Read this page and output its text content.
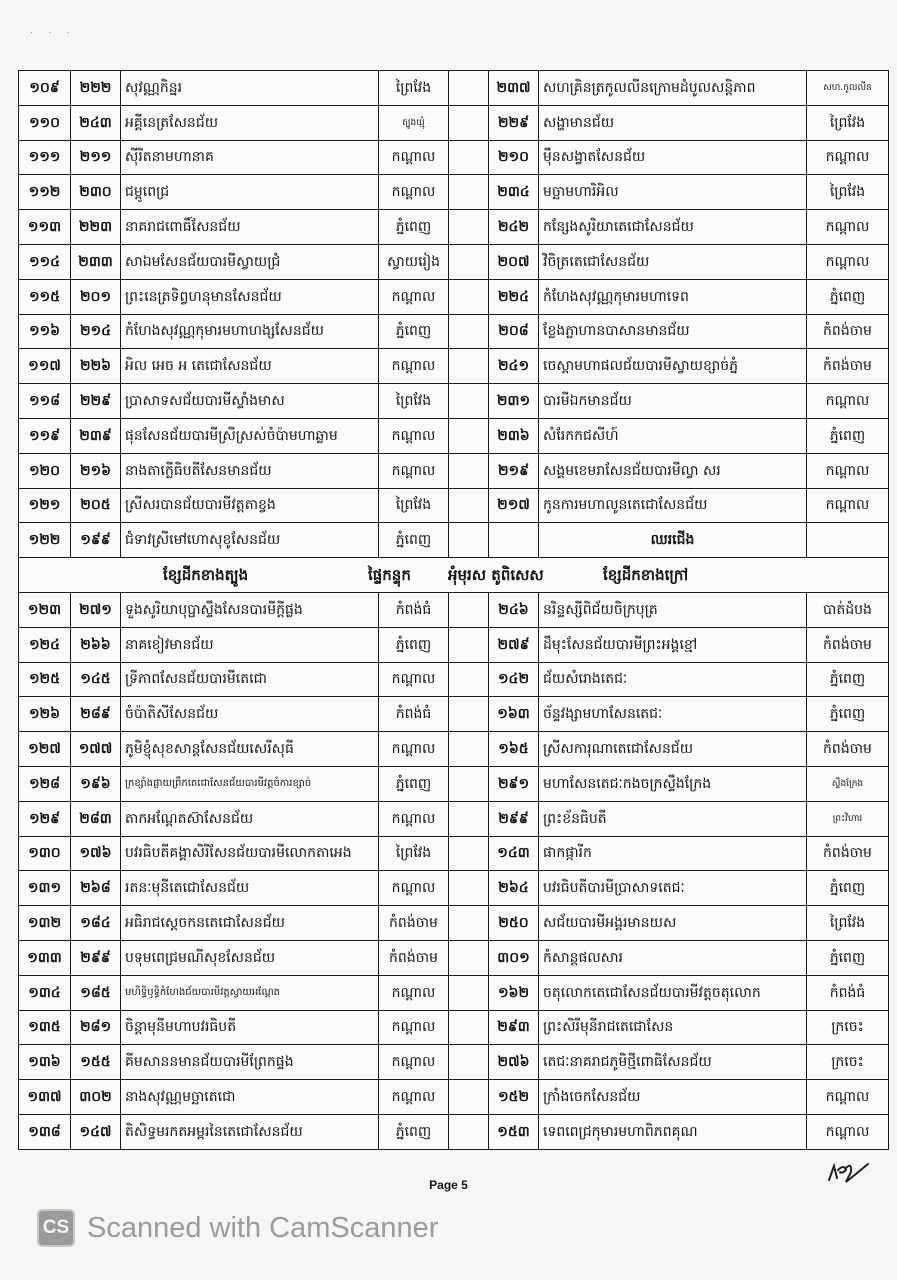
· · ·
១០៩	២២២	សុវណ្ណកិន្នរ	ព្រៃវែង		២៣៧	សហគ្រិនត្រកូលលីនក្រោមដំបូលសន្តិភាព	សហ.កូលលីន
១១០	២៤៣	អគ្គីនេត្រសែនជ័យ	ត្បូងឃ្មុំ		២២៩	សង្ហាមានជ័យ	ព្រៃវែង
១១១	២១១	ស៊ីរីតនាមហានាគ	កណ្តាល		២១០	ម៉ឺនសង្វាតសែនជ័យ	កណ្តាល
១១២	២៣០	ជម្ពូពេជ្រ	កណ្តាល		២៣៤	មច្ឆាមហារិអិល	ព្រៃវែង
១១៣	២២៣	នាគរាជពោធិ៍សែនជ័យ	ភ្នំពេញ		២៤២	កន្សែងសូរិយាតេជោសែនជ័យ	កណ្តាល
១១៤	២៣៣	សាឯមសែនជ័យបារមីស្វាយជ្រំ	ស្វាយរៀង		២០៧	វិចិត្រតេជោសែនជ័យ	កណ្តាល
១១៥	២០១	ព្រះនេត្រទិព្វហនុមានសែនជ័យ	កណ្តាល		២២៤	កំហែងសុវណ្ណកុមារមហាទេព	ភ្នំពេញ
១១៦	២១៤	កំហែងសុវណ្ណកុមារមហាហង្សសែនជ័យ	ភ្នំពេញ		២០៨	ខ្លែងភ្លាហានបាសានមានជ័យ	កំពង់ចាម
១១៧	២២៦	អិល អេច អ តេជោសែនជ័យ	កណ្តាល		២៤១	ចេស្តាមហាផលជ័យបារមីស្វាយខ្សាច់ភ្នំ	កំពង់ចាម
១១៨	២២៩	ប្រាសាទសជ័យបារមីស្ទាំងមាស	ព្រៃវែង		២៣១	បារមីឯកមានជ័យ	កណ្តាល
១១៩	២៣៩	ផុនសែនជ័យបារមីស្រីស្រស់ចំប៉ាមហាឆ្លាម	កណ្តាល		២៣៦	សំរែកកជសីហ៍	ភ្នំពេញ
១២០	២១៦	នាងតាក្លើធិបតីសែនមានជ័យ	កណ្តាល		២១៩	សង្គមខេមរាសែនជ័យបារមីល្វា សរ	កណ្តាល
១២១	២០៥	ស្រីសរបានជ័យបារមីវត្តតាខ្វង	ព្រៃវែង		២១៧	កូនការមហាលូនតេជោសែនជ័យ	កណ្តាល
១២២	១៩៩	ជំទាវស្រីមៅហោសុខូសែនជ័យ	ភ្នំពេញ			ឈរជើង	

ខ្សែដីកខាងត្បូង ផ្ទៃកន្ទុក អុំមុរស តូពិសេស ខ្សែដីកខាងក្រៅ							

១២៣	២៧១	ទួងសូរិយាបុប្ផាស្ទឹងសែនបារមីក្តីផ្លង	កំពង់ធំ		២៤៦	នរិន្ទស្សីពិជ័យចិក្របុត្រ	បាត់ដំបង
១២៤	២៦៦	នាគខៀវមានជ័យ	ភ្នំពេញ		២៧៩	ដឹមុះសែនជ័យបារមីព្រះអង្គខ្មៅ	កំពង់ចាម
១២៥	១៤៥	ទ្រីភាពសែនជ័យបារមីតេជោ	កណ្តាល		១៤២	ជ័យសំរោងតេជៈ	ភ្នំពេញ
១២៦	២៨៩	ចំប៉ាតិសីសែនជ័យ	កំពង់ធំ		១៦៣	ច័ន្ទវង្សាមហាសែនតេជៈ	ភ្នំពេញ
១២៧	១៧៧	ភូមិខ្ញុំសុខសាន្តសែនជ័យសេរីសុធី	កណ្តាល		១៦៥	ស្រីសការុណាតេជោសែនជ័យ	កំពង់ចាម
១២៨	១៩៦	ក្រខ្សាំងផ្លាយព្រឹកតេជោសែនជ័យបារមីវត្តចំការខ្សាច់	ភ្នំពេញ		២៩១	មហាសែនតេជៈកងចក្រស្ទឹងក្រែង	ស្ទឹងក្រែង
១២៩	២៨៣	តាកអណ្តែតស៊ាសែនជ័យ	កណ្តាល		២៩៩	ព្រះខ័នធិបតី	ព្រះវិហារ
១៣០	១៧៦	បវរធិបតីគង្គាសិរីសែនជ័យបារមីលោកតាអេង	ព្រៃវែង		១៤៣	ផាកផ្ការីក	កំពង់ចាម
១៣១	២៦៨	រតនៈមុនីតេជោសែនជ័យ	កណ្តាល		២៦៤	បវរធិបតីបារមីប្រាសាទតេជៈ	ភ្នំពេញ
១៣២	១៨៤	អធិរាជស្តេចកនតេជោសែនជ័យ	កំពង់ចាម		២៥០	សជ័យបារមីអង្គរមានយស	ព្រៃវែង
១៣៣	២៩៩	បទុមពេជ្រមណីសុខសែនជ័យ	កំពង់ចាម		៣០១	កំសាន្តផលសារ	ភ្នំពេញ
១៣៤	១៨៥	មហិទ្ធិឫទ្ធិកំហែងជ័យបារមីវត្តស្វាយអណ្តែត	កណ្តាល		១៦២	ចតុលោកតេជោសែនជ័យបារមីវត្តចតុលោក	កំពង់ធំ
១៣៥	២៨១	ចិន្តាមុនីមហាបវរធិបតី	កណ្តាល		២៩៣	ព្រះសិរីមុនីរាជតេជោសែន	ក្រចេះ
១៣៦	១៥៥	គីមសាននមានជ័យបារមីព្រែកផ្ទង	កណ្តាល		២៧៦	តេជៈនាគរាជភូមិថ្មីពោធិសែនជ័យ	ក្រចេះ
១៣៧	៣០២	នាងសុវណ្ណមច្ឆាតេជោ	កណ្តាល		១៥២	ក្រាំងចេកសែនជ័យ	កណ្តាល
១៣៨	១៤៧	តិសិទ្ធមរកតអម្ពរនៃតេជោសែនជ័យ	ភ្នំពេញ		១៥៣	ទេពពេជ្រកុមារមហាពិភពគុណ	កណ្តាល
Page 5
CS Scanned with CamScanner
